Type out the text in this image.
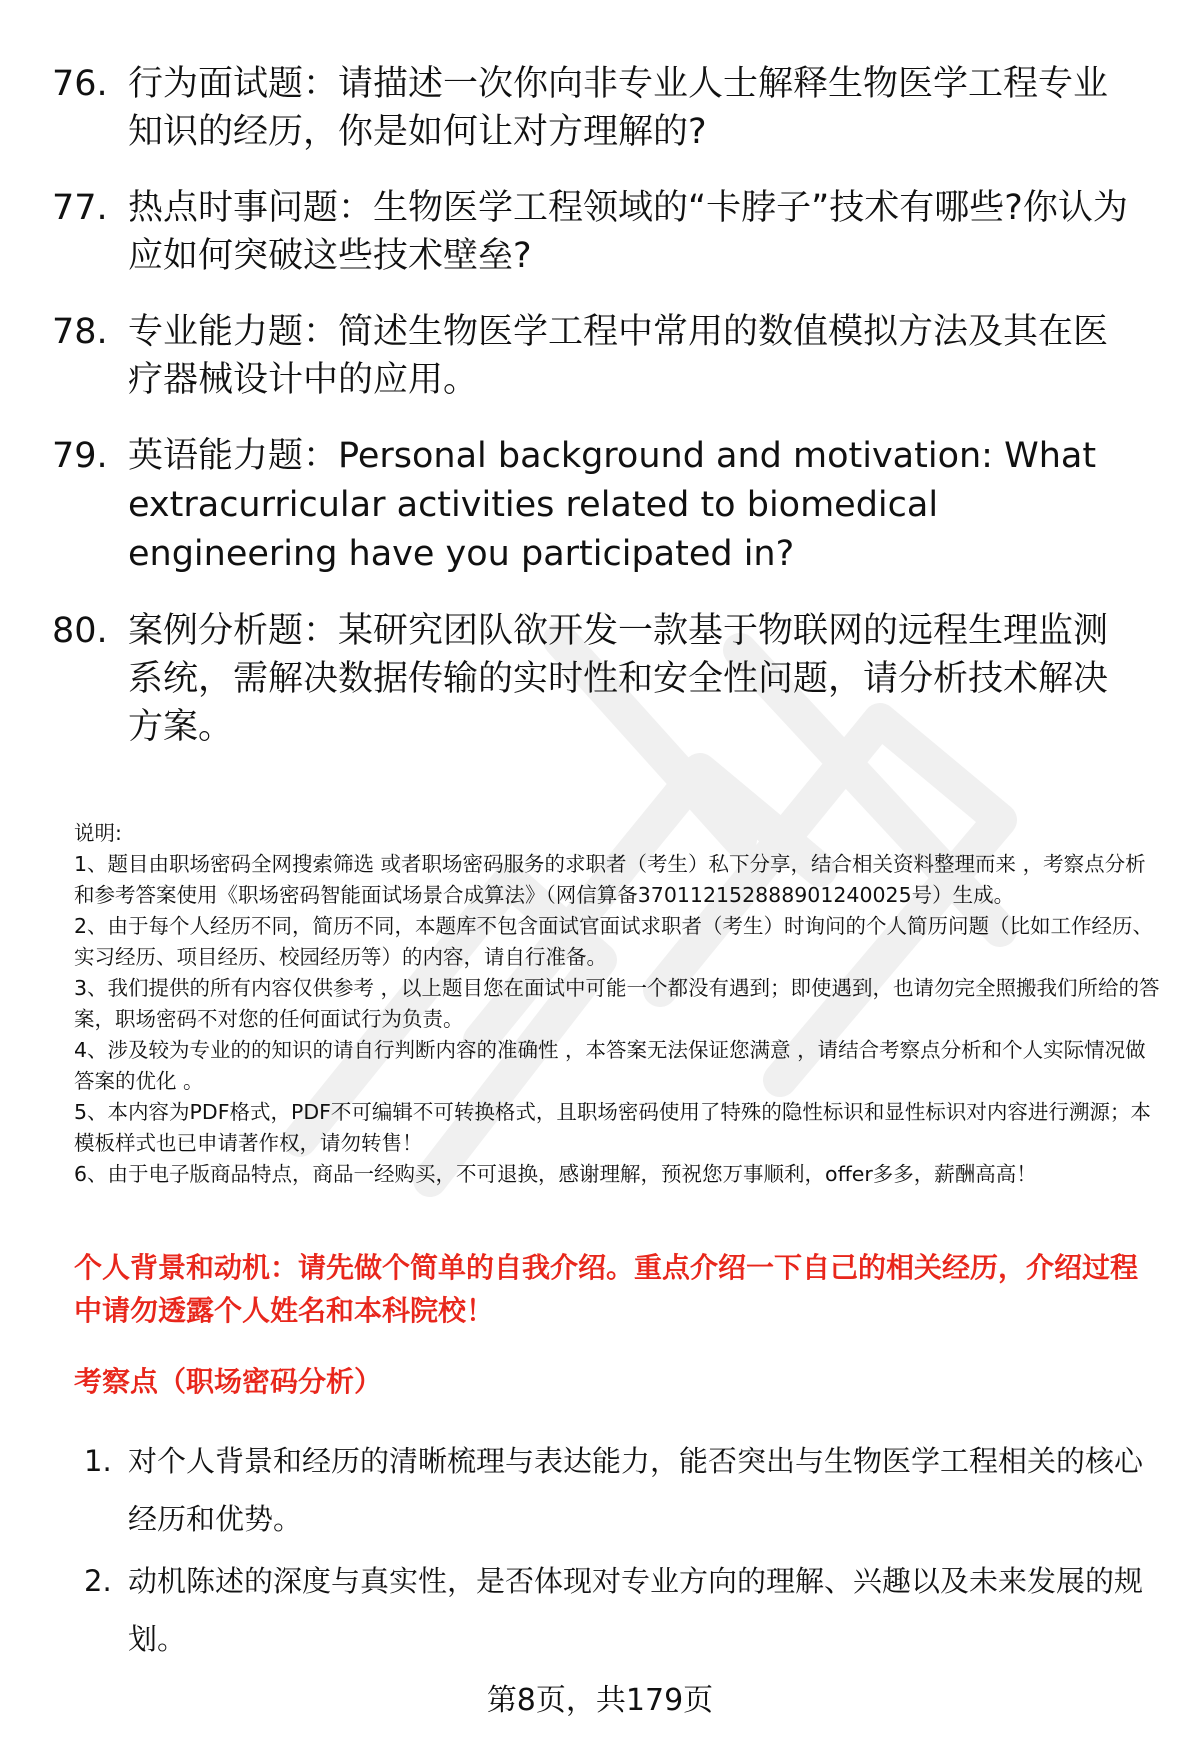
76. 行为面试题：请描述一次你向非专业人士解释生物医学工程专业知识的经历，你是如何让对方理解的?
77. 热点时事问题：生物医学工程领域的“卡脖子”技术有哪些?你认为应如何突破这些技术壁垒?
78. 专业能力题：简述生物医学工程中常用的数值模拟方法及其在医疗器械设计中的应用。
79. 英语能力题：Personal background and motivation: What extracurricular activities related to biomedical engineering have you participated in?
80. 案例分析题：某研究团队欲开发一款基于物联网的远程生理监测系统，需解决数据传输的实时性和安全性问题，请分析技术解决方案。

说明:

1、题目由职场密码全网搜索筛选 或者职场密码服务的求职者（考生）私下分享，结合相关资料整理而来 ，考察点分析和参考答案使用《职场密码智能面试场景合成算法》（网信算备370112152888901240025号）生成。

2、由于每个人经历不同，简历不同，本题库不包含面试官面试求职者（考生）时询问的个人简历问题（比如工作经历、实习经历、项目经历、校园经历等）的内容，请自行准备。

3、我们提供的所有内容仅供参考 ，以上题目您在面试中可能一个都没有遇到；即使遇到，也请勿完全照搬我们所给的答案，职场密码不对您的任何面试行为负责。

4、涉及较为专业的的知识的请自行判断内容的准确性 ，本答案无法保证您满意 ，请结合考察点分析和个人实际情况做答案的优化 。

5、本内容为PDF格式，PDF不可编辑不可转换格式，且职场密码使用了特殊的隐性标识和显性标识对内容进行溯源；本模板样式也已申请著作权，请勿转售！

6、由于电子版商品特点，商品一经购买，不可退换，感谢理解，预祝您万事顺利，offer多多，薪酬高高！

个人背景和动机：请先做个简单的自我介绍。重点介绍一下自己的相关经历，介绍过程中请勿透露个人姓名和本科院校！
考察点（职场密码分析）
1. 对个人背景和经历的清晰梳理与表达能力，能否突出与生物医学工程相关的核心经历和优势。
2. 动机陈述的深度与真实性，是否体现对专业方向的理解、兴趣以及未来发展的规划。
第8页，共179页
